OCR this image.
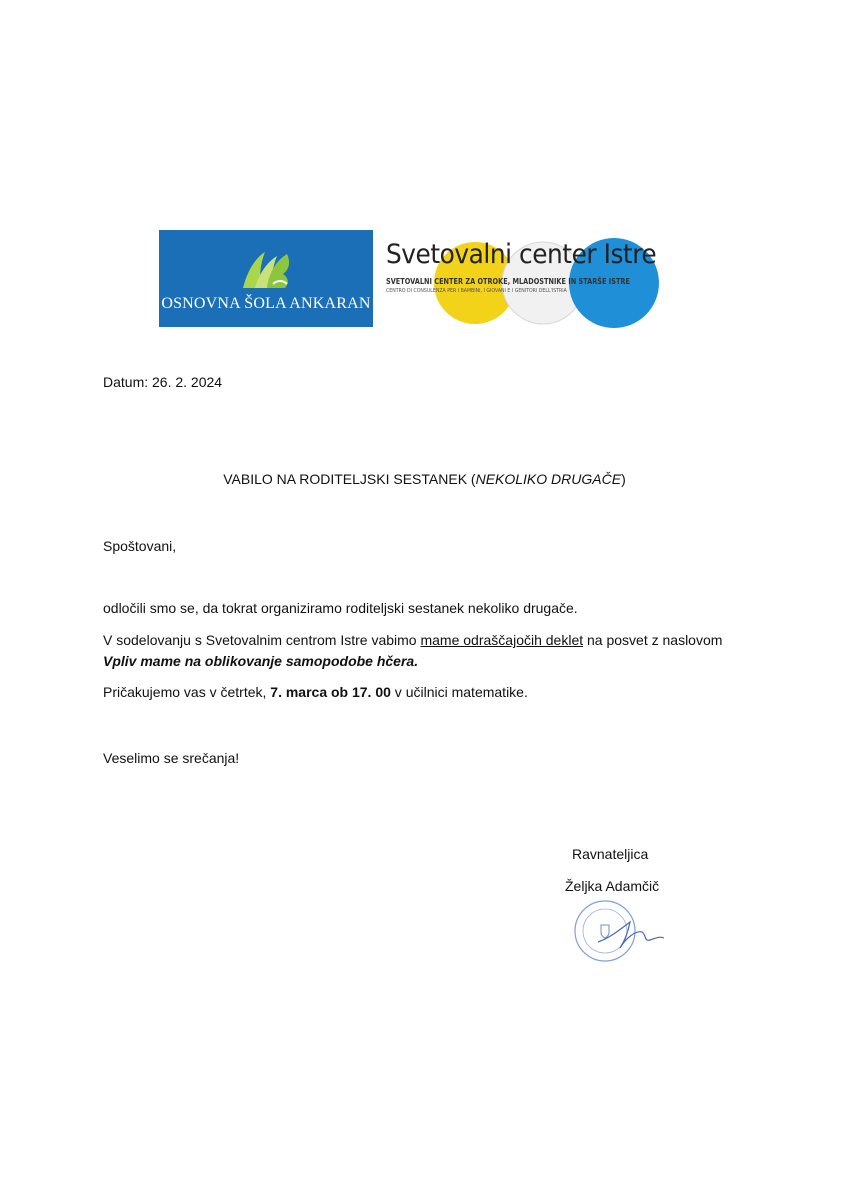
OSNOVNA ŠOLA ANKARAN
Svetovalni center Istre
SVETOVALNI CENTER ZA OTROKE, MLADOSTNIKE IN STARŠE ISTRE
CENTRO DI CONSULENZA PER I BAMBINI, I GIOVANI E I GENITORI DELL'ISTRIA
Datum: 26. 2. 2024
VABILO NA RODITELJSKI SESTANEK (NEKOLIKO DRUGAČE)
Spoštovani,
odločili smo se, da tokrat organiziramo roditeljski sestanek nekoliko drugače.
V sodelovanju s Svetovalnim centrom Istre vabimo mame odraščajočih deklet na posvet z naslovom
Vpliv mame na oblikovanje samopodobe hčera.
Pričakujemo vas v četrtek, 7. marca ob 17. 00 v učilnici matematike.
Veselimo se srečanja!
Ravnateljica
Željka Adamčič
